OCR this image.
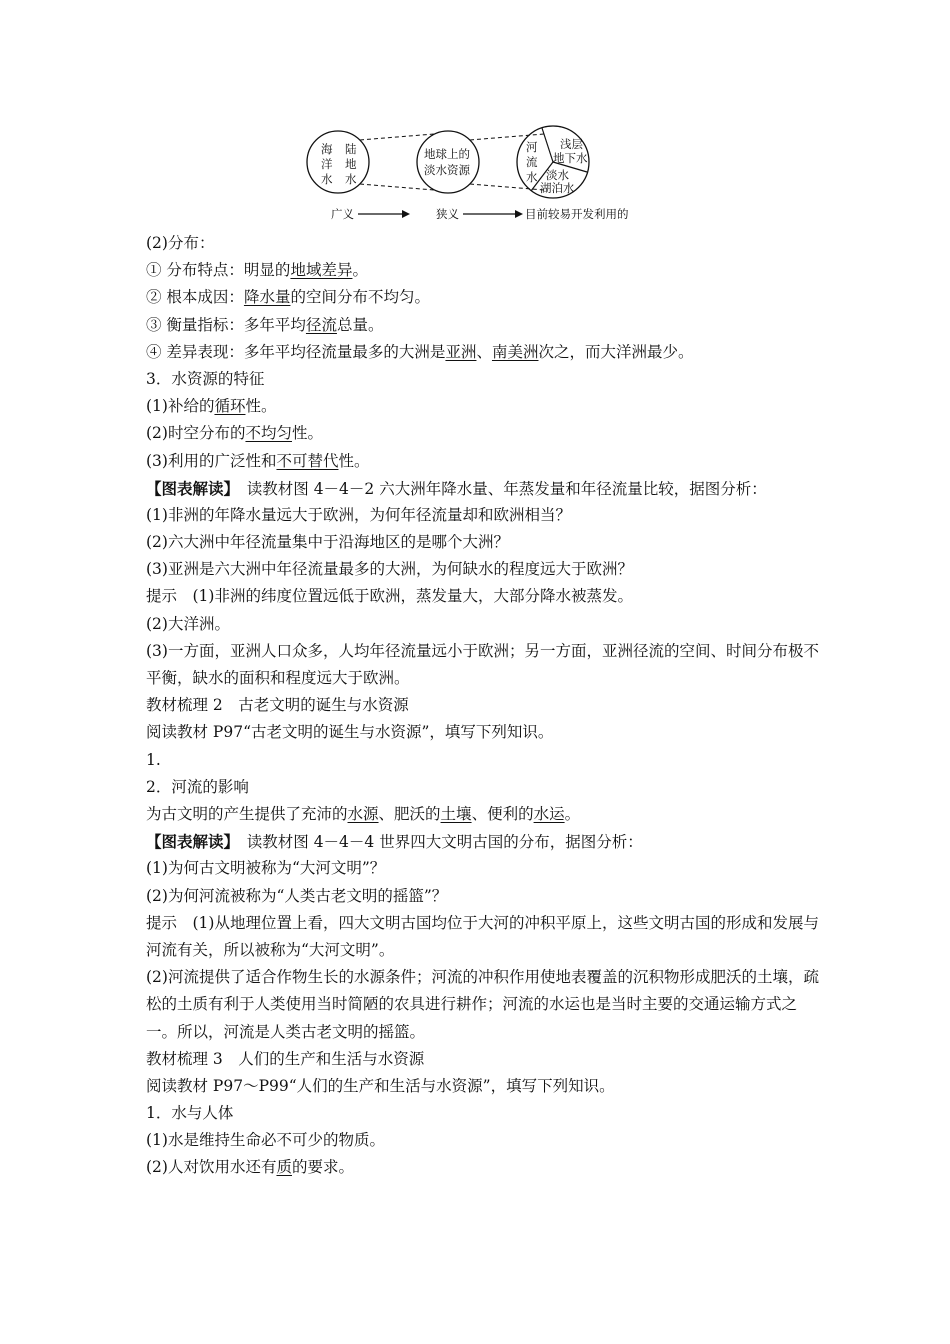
海
洋
水
陆
地
水
地球上的
淡水资源
河
流
水
浅层
地下水
淡水
湖泊水
广义	狭义	目前较易开发利用的
(2)分布：
① 分布特点：明显的地域差异。
② 根本成因：降水量的空间分布不均匀。
③ 衡量指标：多年平均径流总量。
④ 差异表现：多年平均径流量最多的大洲是亚洲、南美洲次之，而大洋洲最少。
3．水资源的特征
(1)补给的循环性。
(2)时空分布的不均匀性。
(3)利用的广泛性和不可替代性。
【图表解读】　读教材图 4－4－2 六大洲年降水量、年蒸发量和年径流量比较，据图分析：
(1)非洲的年降水量远大于欧洲，为何年径流量却和欧洲相当？
(2)六大洲中年径流量集中于沿海地区的是哪个大洲？
(3)亚洲是六大洲中年径流量最多的大洲，为何缺水的程度远大于欧洲？
提示　(1)非洲的纬度位置远低于欧洲，蒸发量大，大部分降水被蒸发。
(2)大洋洲。
(3)一方面，亚洲人口众多，人均年径流量远小于欧洲；另一方面，亚洲径流的空间、时间分布极不平衡，缺水的面积和程度远大于欧洲。
教材梳理 2　古老文明的诞生与水资源
阅读教材 P97“古老文明的诞生与水资源”，填写下列知识。
1.
2．河流的影响
为古文明的产生提供了充沛的水源、肥沃的土壤、便利的水运。
【图表解读】　读教材图 4－4－4 世界四大文明古国的分布，据图分析：
(1)为何古文明被称为“大河文明”？
(2)为何河流被称为“人类古老文明的摇篮”？
提示　(1)从地理位置上看，四大文明古国均位于大河的冲积平原上，这些文明古国的形成和发展与河流有关，所以被称为“大河文明”。
(2)河流提供了适合作物生长的水源条件；河流的冲积作用使地表覆盖的沉积物形成肥沃的土壤，疏松的土质有利于人类使用当时简陋的农具进行耕作；河流的水运也是当时主要的交通运输方式之一。所以，河流是人类古老文明的摇篮。
教材梳理 3　人们的生产和生活与水资源
阅读教材 P97～P99“人们的生产和生活与水资源”，填写下列知识。
1．水与人体
(1)水是维持生命必不可少的物质。
(2)人对饮用水还有质的要求。
